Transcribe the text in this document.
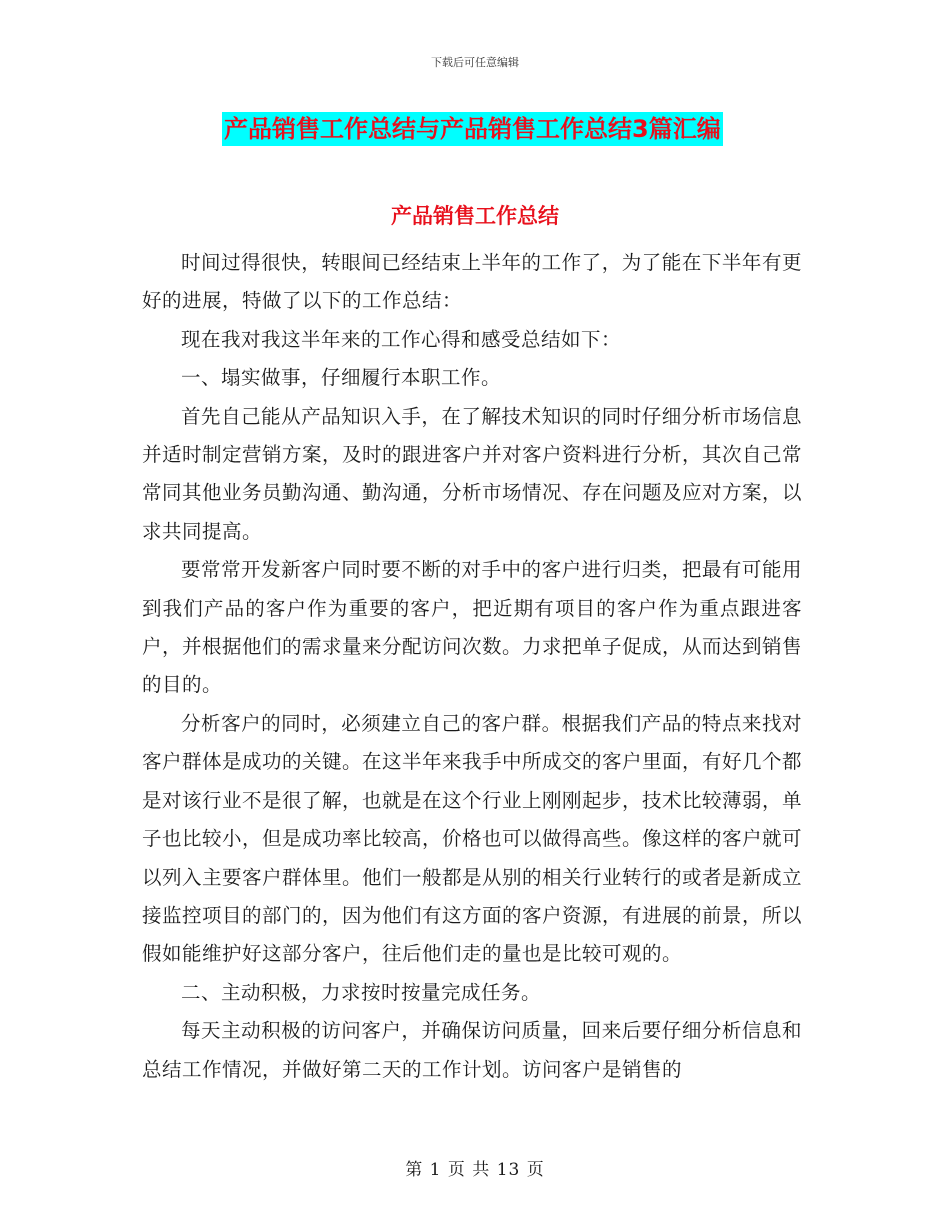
下载后可任意编辑
产品销售工作总结与产品销售工作总结3篇汇编
产品销售工作总结

时间过得很快，转眼间已经结束上半年的工作了，为了能在下半年有更好的进展，特做了以下的工作总结：

现在我对我这半年来的工作心得和感受总结如下：

一、塌实做事，仔细履行本职工作。

首先自己能从产品知识入手，在了解技术知识的同时仔细分析市场信息并适时制定营销方案，及时的跟进客户并对客户资料进行分析，其次自己常常同其他业务员勤沟通、勤沟通，分析市场情况、存在问题及应对方案，以求共同提高。

要常常开发新客户同时要不断的对手中的客户进行归类，把最有可能用到我们产品的客户作为重要的客户，把近期有项目的客户作为重点跟进客户，并根据他们的需求量来分配访问次数。力求把单子促成，从而达到销售的目的。

分析客户的同时，必须建立自己的客户群。根据我们产品的特点来找对客户群体是成功的关键。在这半年来我手中所成交的客户里面，有好几个都是对该行业不是很了解，也就是在这个行业上刚刚起步，技术比较薄弱，单子也比较小，但是成功率比较高，价格也可以做得高些。像这样的客户就可以列入主要客户群体里。他们一般都是从别的相关行业转行的或者是新成立接监控项目的部门的，因为他们有这方面的客户资源，有进展的前景，所以假如能维护好这部分客户，往后他们走的量也是比较可观的。

二、主动积极，力求按时按量完成任务。

每天主动积极的访问客户，并确保访问质量，回来后要仔细分析信息和总结工作情况，并做好第二天的工作计划。访问客户是销售的

第 1 页 共 13 页
